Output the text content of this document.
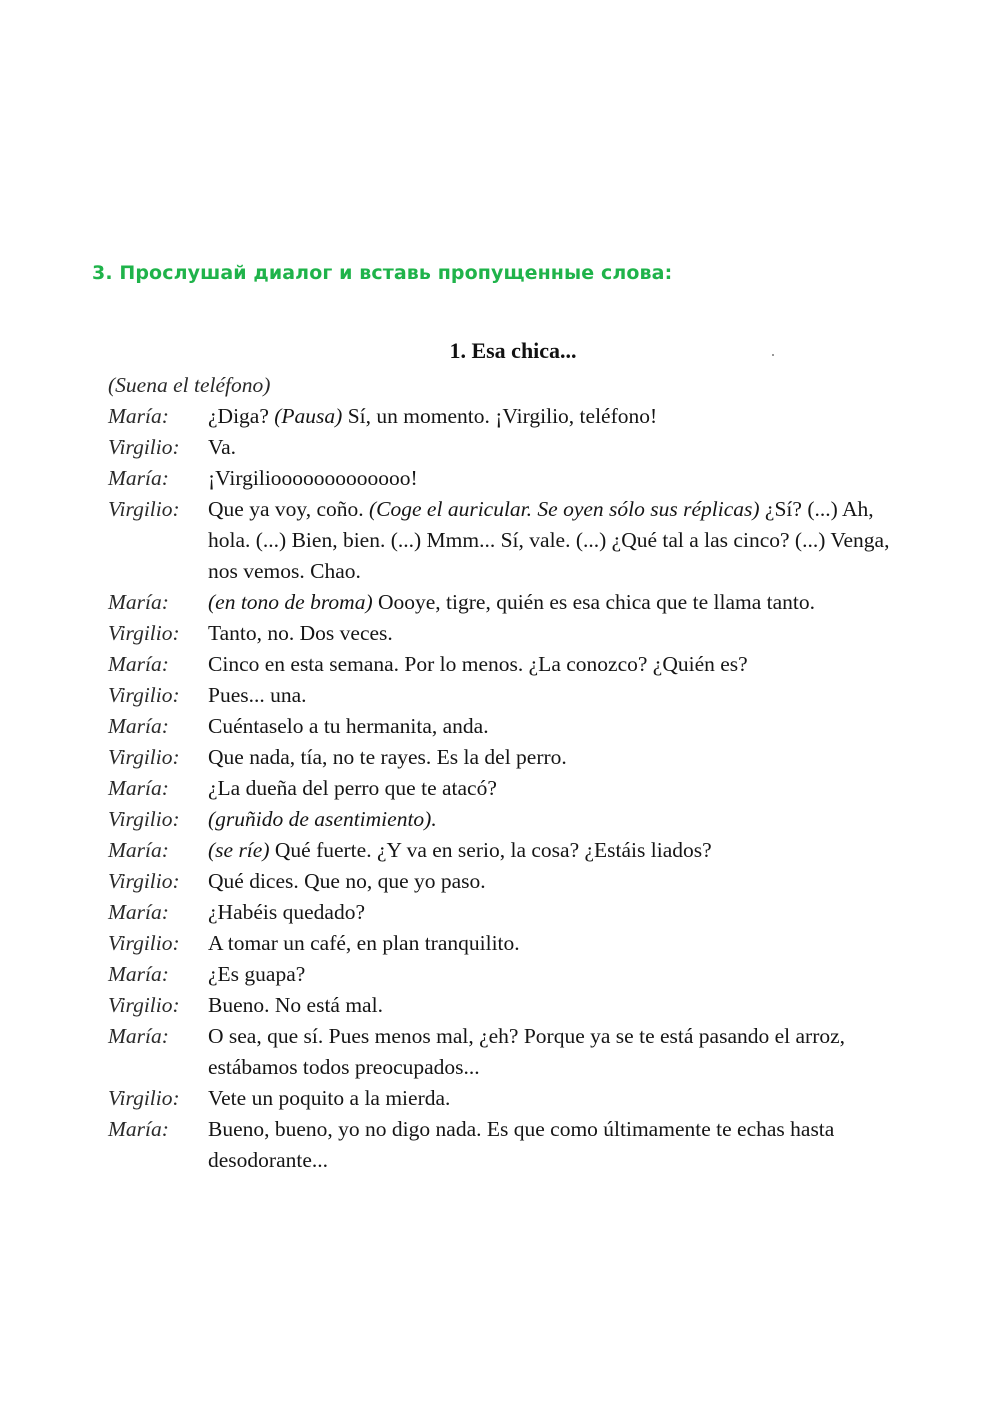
3. Прослушай диалог и вставь пропущенные слова:
1. Esa chica...
(Suena el teléfono)
María:	¿Diga? (Pausa) Sí, un momento. ¡Virgilio, teléfono!
Virgilio:	Va.
María:	¡Virgiliooooooooooooo!
Virgilio:	Que ya voy, coño. (Coge el auricular. Se oyen sólo sus réplicas) ¿Sí? (...) Ah, hola. (...) Bien, bien. (...) Mmm... Sí, vale. (...) ¿Qué tal a las cinco? (...) Venga, nos vemos. Chao.
María:	(en tono de broma) Oooye, tigre, quién es esa chica que te llama tanto.
Virgilio:	Tanto, no. Dos veces.
María:	Cinco en esta semana. Por lo menos. ¿La conozco? ¿Quién es?
Virgilio:	Pues... una.
María:	Cuéntaselo a tu hermanita, anda.
Virgilio:	Que nada, tía, no te rayes. Es la del perro.
María:	¿La dueña del perro que te atacó?
Virgilio:	(gruñido de asentimiento).
María:	(se ríe) Qué fuerte. ¿Y va en serio, la cosa? ¿Estáis liados?
Virgilio:	Qué dices. Que no, que yo paso.
María:	¿Habéis quedado?
Virgilio:	A tomar un café, en plan tranquilito.
María:	¿Es guapa?
Virgilio:	Bueno. No está mal.
María:	O sea, que sí. Pues menos mal, ¿eh? Porque ya se te está pasando el arroz, estábamos todos preocupados...
Virgilio:	Vete un poquito a la mierda.
María:	Bueno, bueno, yo no digo nada. Es que como últimamente te echas hasta desodorante...
